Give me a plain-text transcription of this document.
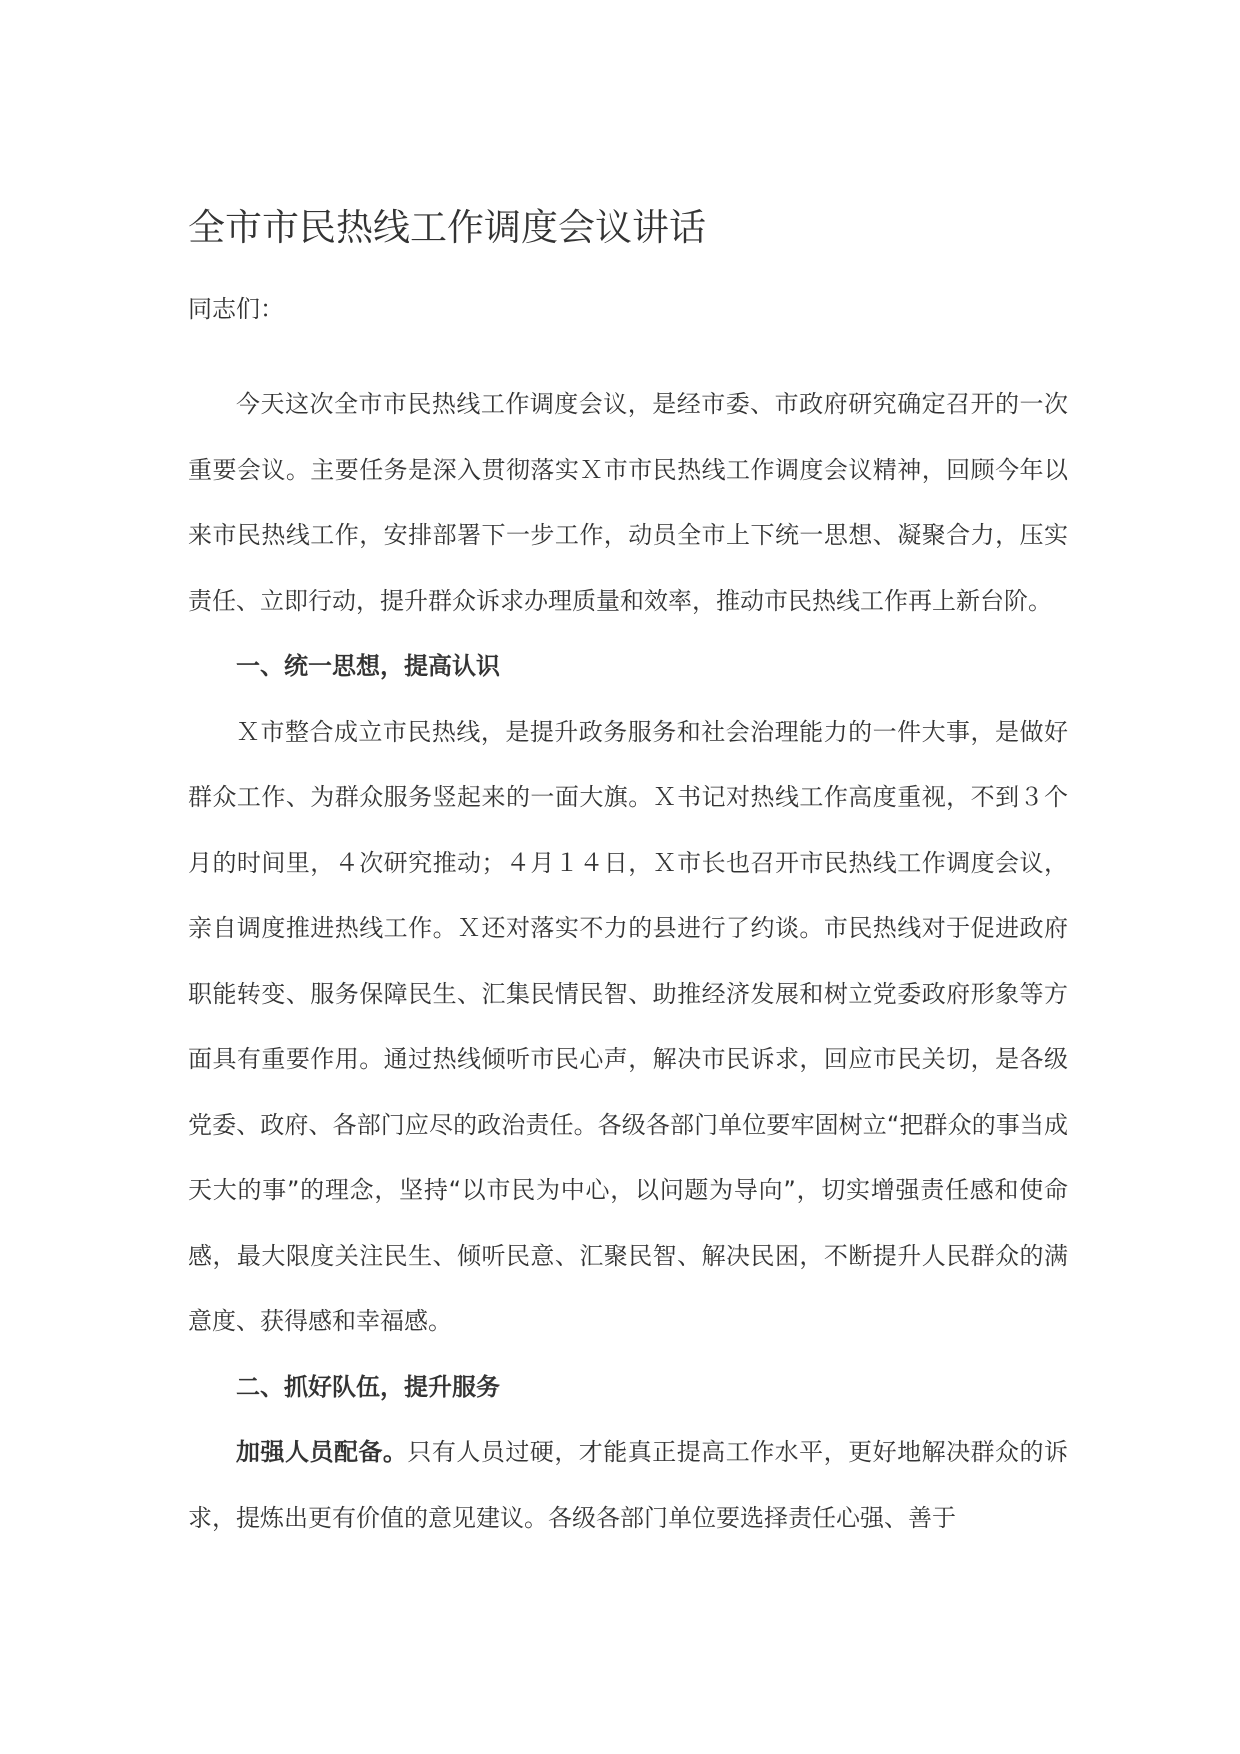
全市市民热线工作调度会议讲话
同志们：

今天这次全市市民热线工作调度会议，是经市委、市政府研究确定召开的一次重要会议。主要任务是深入贯彻落实Ｘ市市民热线工作调度会议精神，回顾今年以来市民热线工作，安排部署下一步工作，动员全市上下统一思想、凝聚合力，压实责任、立即行动，提升群众诉求办理质量和效率，推动市民热线工作再上新台阶。

一、统一思想，提高认识

Ｘ市整合成立市民热线，是提升政务服务和社会治理能力的一件大事，是做好群众工作、为群众服务竖起来的一面大旗。Ｘ书记对热线工作高度重视，不到３个月的时间里，４次研究推动；４月１４日，Ｘ市长也召开市民热线工作调度会议，亲自调度推进热线工作。Ｘ还对落实不力的县进行了约谈。市民热线对于促进政府职能转变、服务保障民生、汇集民情民智、助推经济发展和树立党委政府形象等方面具有重要作用。通过热线倾听市民心声，解决市民诉求，回应市民关切，是各级党委、政府、各部门应尽的政治责任。各级各部门单位要牢固树立“把群众的事当成天大的事”的理念，坚持“以市民为中心，以问题为导向”，切实增强责任感和使命感，最大限度关注民生、倾听民意、汇聚民智、解决民困，不断提升人民群众的满意度、获得感和幸福感。

二、抓好队伍，提升服务

加强人员配备。只有人员过硬，才能真正提高工作水平，更好地解决群众的诉求，提炼出更有价值的意见建议。各级各部门单位要选择责任心强、善于
